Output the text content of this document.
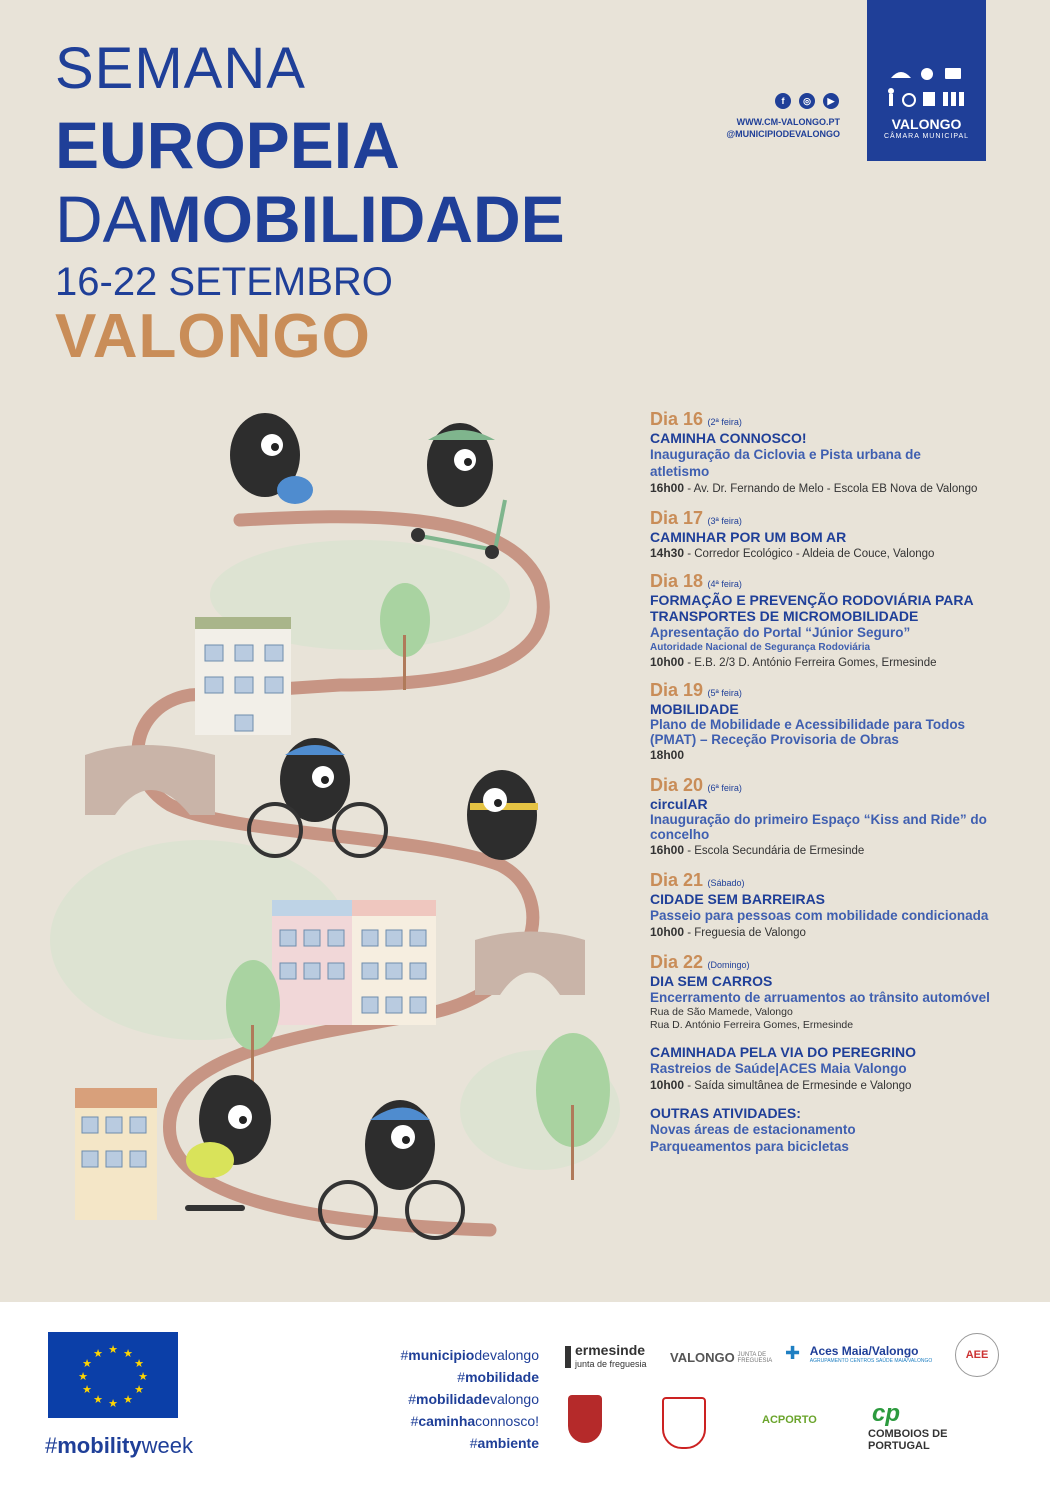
SEMANA
EUROPEIA
DAMOBILIDADE
16-22 SETEMBRO
VALONGO
VALONGO
CÂMARA MUNICIPAL
f	◎	▶
WWW.CM-VALONGO.PT
@MUNICIPIODEVALONGO
Dia 16 (2ª feira)
CAMINHA CONNOSCO!
Inauguração da Ciclovia e Pista urbana de atletismo
16h00 - Av. Dr. Fernando de Melo - Escola EB Nova de Valongo
Dia 17 (3ª feira)
CAMINHAR POR UM BOM AR
14h30 - Corredor Ecológico - Aldeia de Couce, Valongo
Dia 18 (4ª feira)
FORMAÇÃO E PREVENÇÃO RODOVIÁRIA PARA TRANSPORTES DE MICROMOBILIDADE
Apresentação do Portal “Júnior Seguro”
Autoridade Nacional de Segurança Rodoviária
10h00 - E.B. 2/3 D. António Ferreira Gomes, Ermesinde
Dia 19 (5ª feira)
MOBILIDADE
Plano de Mobilidade e Acessibilidade para Todos (PMAT) – Receção Provisoria de Obras
18h00
Dia 20 (6ª feira)
circulAR
Inauguração do primeiro Espaço “Kiss and Ride” do concelho
16h00 - Escola Secundária de Ermesinde
Dia 21 (Sábado)
CIDADE SEM BARREIRAS
Passeio para pessoas com mobilidade condicionada
10h00 - Freguesia de Valongo
Dia 22 (Domingo)
DIA SEM CARROS
Encerramento de arruamentos ao trânsito automóvel
Rua de São Mamede, Valongo
Rua D. António Ferreira Gomes, Ermesinde
CAMINHADA PELA VIA DO PEREGRINO
Rastreios de Saúde|ACES Maia Valongo
10h00 - Saída simultânea de Ermesinde e Valongo
OUTRAS ATIVIDADES:
Novas áreas de estacionamento
Parqueamentos para bicicletas
★ ★
★
★
★
★
★
★
★
★
★
★
#mobilityweek
#municipiodevalongo
#mobilidade
#mobilidadevalongo
#caminhaconnosco!
#ambiente
ermesinde
junta de freguesia VALONGO JUNTA DE FREGUESIA ✚ Aces Maia/Valongo
AGRUPAMENTO CENTROS SAÚDE MAIA/VALONGO	AEE
ACPORTO cp
COMBOIOS DE PORTUGAL
